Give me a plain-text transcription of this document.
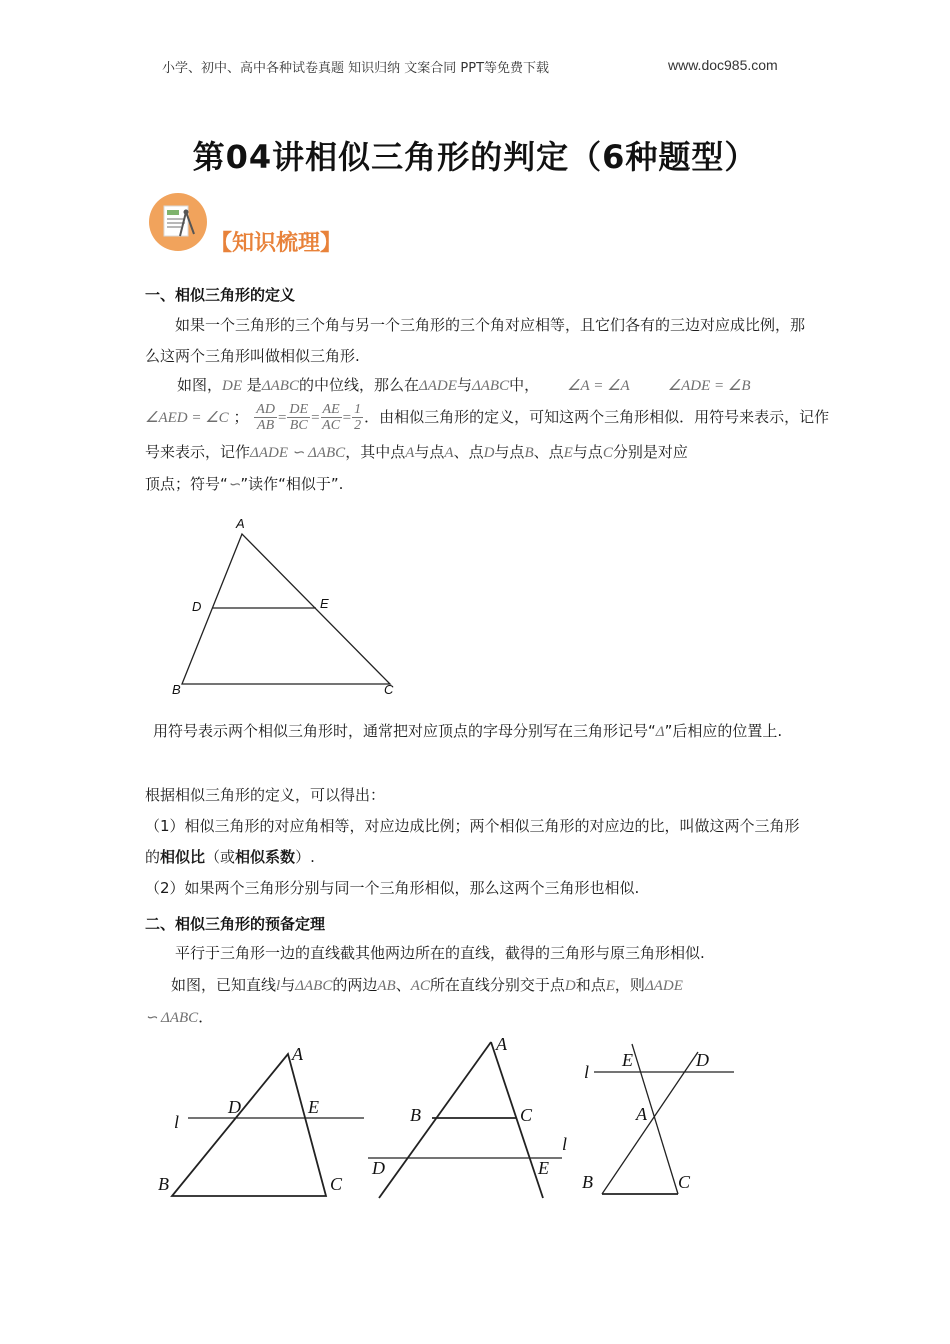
小学、初中、高中各种试卷真题 知识归纳 文案合同 PPT等免费下载	www.doc985.com
第04讲相似三角形的判定（6种题型）
【知识梳理】
一、相似三角形的定义
如果一个三角形的三个角与另一个三角形的三个角对应相等，且它们各有的三边对应成比例，那么这两个三角形叫做相似三角形.
如图，DE 是ΔABC的中位线，那么在ΔADE与ΔABC中， ∠A = ∠A	∠ADE = ∠B
∠AED = ∠C ； $\frac{AD}{AB} = \frac{DE}{BC} = \frac{AE}{AC} = \frac{1}{2}$ ．由相似三角形的定义，可知这两个三角形相似．用符号来表示，记作
号来表示，记作ΔADE ∽ ΔABC，其中点A与点A、点D与点B、点E与点C分别是对应
顶点；符号“∽”读作“相似于”.
A
D	E
B	C
用符号表示两个相似三角形时，通常把对应顶点的字母分别写在三角形记号“Δ”后相应的位置上.
根据相似三角形的定义，可以得出：
（1）相似三角形的对应角相等，对应边成比例；两个相似三角形的对应边的比，叫做这两个三角形的相似比（或相似系数）.
（2）如果两个三角形分别与同一个三角形相似，那么这两个三角形也相似.
二、相似三角形的预备定理
平行于三角形一边的直线截其他两边所在的直线，截得的三角形与原三角形相似.
如图，已知直线l与ΔABC的两边AB、AC所在直线分别交于点D和点E，则ΔADE
∽ ΔABC．
A
D	E
l
B	C
A
B	C
l
D	E
E	D
l
A
B	C
